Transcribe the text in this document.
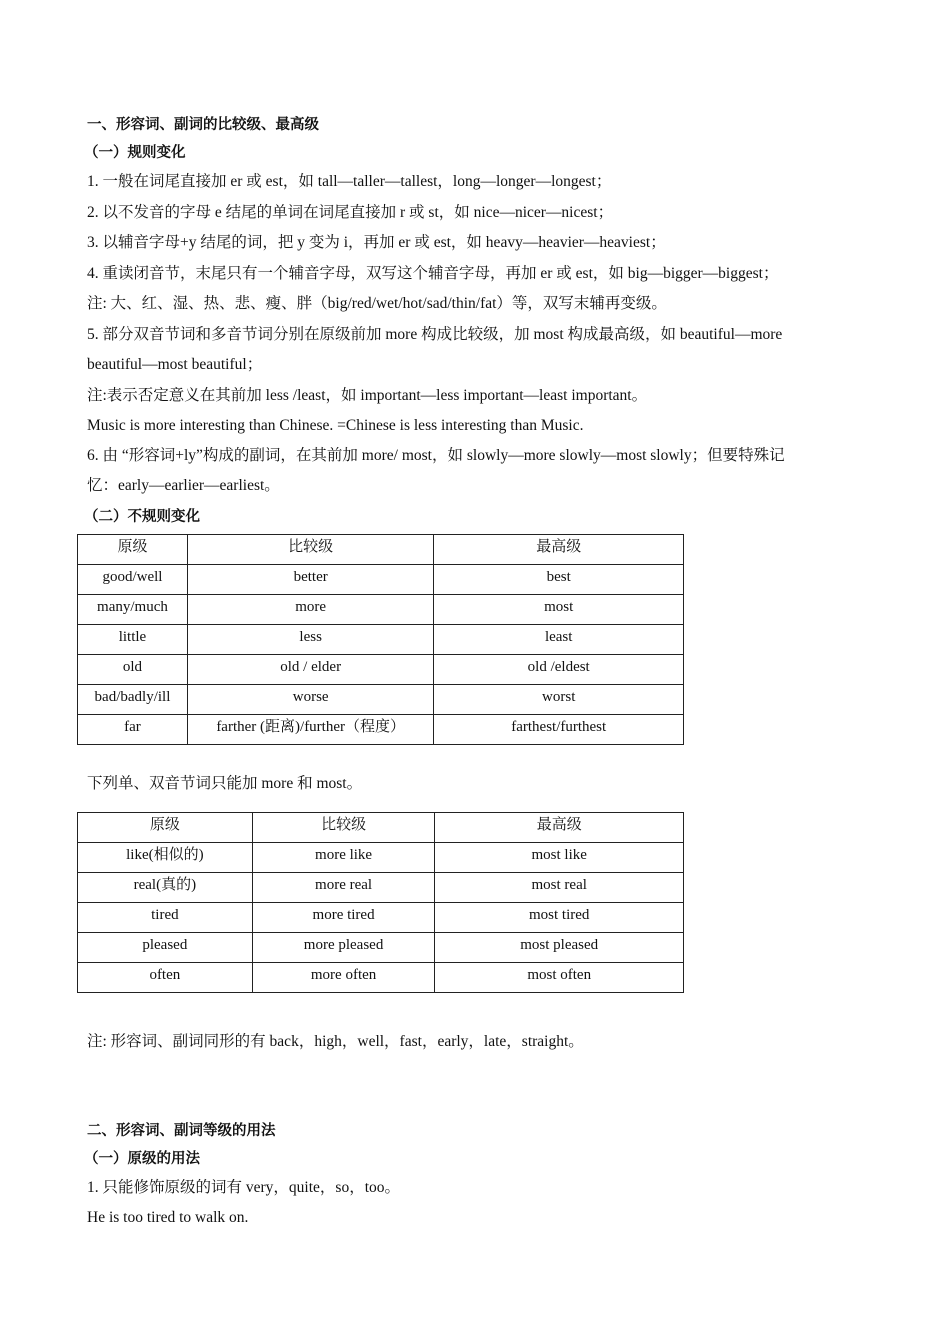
一、形容词、副词的比较级、最高级
（一）规则变化
1. 一般在词尾直接加 er 或 est，如 tall—taller—tallest，long—longer—longest；
2. 以不发音的字母 e 结尾的单词在词尾直接加 r 或 st，如 nice—nicer—nicest；
3. 以辅音字母+y 结尾的词，把 y 变为 i，再加 er 或 est，如 heavy—heavier—heaviest；
4. 重读闭音节，末尾只有一个辅音字母，双写这个辅音字母，再加 er 或 est，如 big—bigger—biggest；
注: 大、红、湿、热、悲、瘦、胖（big/red/wet/hot/sad/thin/fat）等，双写末辅再变级。
5. 部分双音节词和多音节词分别在原级前加 more 构成比较级，加 most 构成最高级，如 beautiful—more
beautiful—most beautiful；
注:表示否定意义在其前加 less /least，如 important—less important—least important。
Music is more interesting than Chinese. =Chinese is less interesting than Music.
6. 由 “形容词+ly”构成的副词，在其前加 more/ most，如 slowly—more slowly—most slowly；但要特殊记
忆：early—earlier—earliest。
（二）不规则变化
原级	比较级	最高级
good/well	better	best
many/much	more	most
little	less	least
old	old / elder	old /eldest
bad/badly/ill	worse	worst
far	farther (距离)/further（程度）	farthest/furthest
下列单、双音节词只能加 more 和 most。
原级	比较级	最高级
like(相似的)	more like	most like
real(真的)	more real	most real
tired	more tired	most tired
pleased	more pleased	most pleased
often	more often	most often
注: 形容词、副词同形的有 back，high，well，fast，early，late，straight。
二、形容词、副词等级的用法
（一）原级的用法
1. 只能修饰原级的词有 very，quite，so，too。
He is too tired to walk on.
